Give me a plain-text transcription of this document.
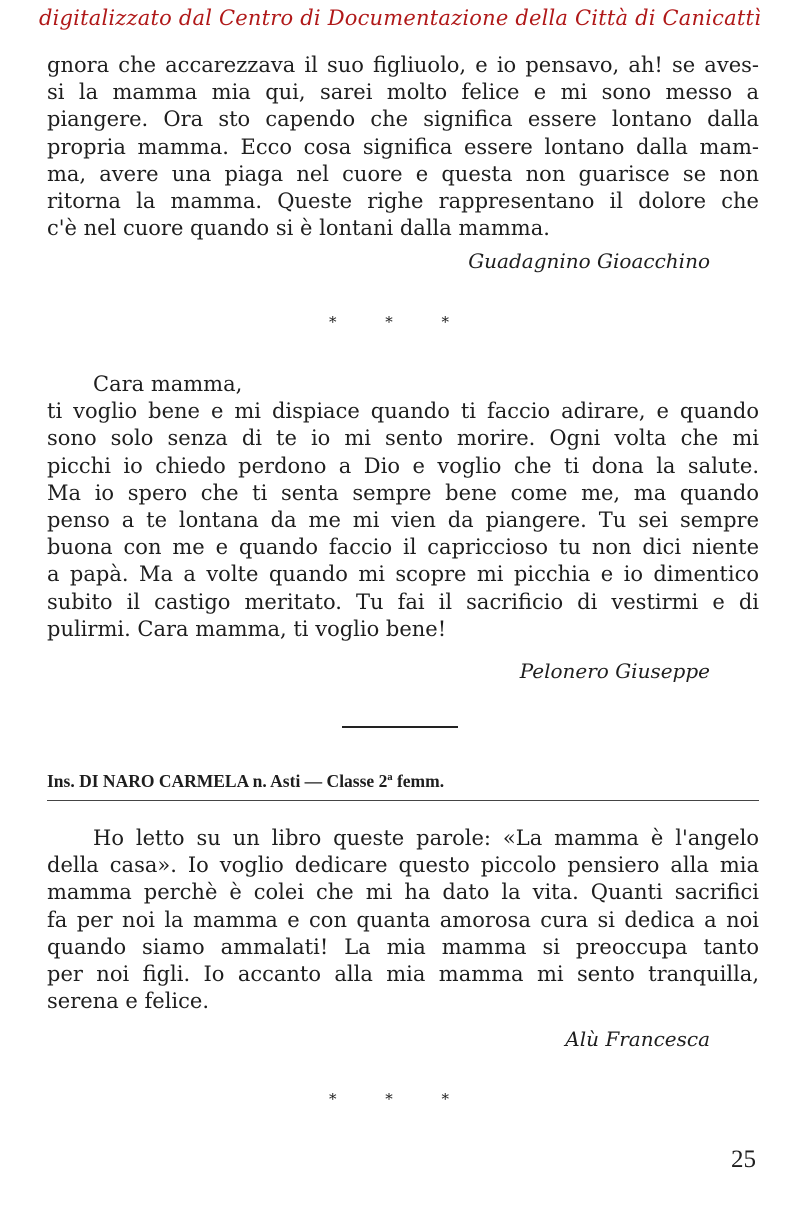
digitalizzato dal Centro di Documentazione della Città di Canicattì
gnora che accarezzava il suo figliuolo, e io pensavo, ah! se aves-
si la mamma mia qui, sarei molto felice e mi sono messo a
piangere. Ora sto capendo che significa essere lontano dalla
propria mamma. Ecco cosa significa essere lontano dalla mam-
ma, avere una piaga nel cuore e questa non guarisce se non
ritorna la mamma. Queste righe rappresentano il dolore che
c'è nel cuore quando si è lontani dalla mamma.
Guadagnino Gioacchino
* * *
Cara mamma,
ti voglio bene e mi dispiace quando ti faccio adirare, e quando
sono solo senza di te io mi sento morire. Ogni volta che mi
picchi io chiedo perdono a Dio e voglio che ti dona la salute.
Ma io spero che ti senta sempre bene come me, ma quando
penso a te lontana da me mi vien da piangere. Tu sei sempre
buona con me e quando faccio il capriccioso tu non dici niente
a papà. Ma a volte quando mi scopre mi picchia e io dimentico
subito il castigo meritato. Tu fai il sacrificio di vestirmi e di
pulirmi. Cara mamma, ti voglio bene!
Pelonero Giuseppe
Ins. DI NARO CARMELA n. Asti — Classe 2ª femm.
Ho letto su un libro queste parole: «La mamma è l'angelo
della casa». Io voglio dedicare questo piccolo pensiero alla mia
mamma perchè è colei che mi ha dato la vita. Quanti sacrifici
fa per noi la mamma e con quanta amorosa cura si dedica a noi
quando siamo ammalati! La mia mamma si preoccupa tanto
per noi figli. Io accanto alla mia mamma mi sento tranquilla,
serena e felice.
Alù Francesca
* * *
25
